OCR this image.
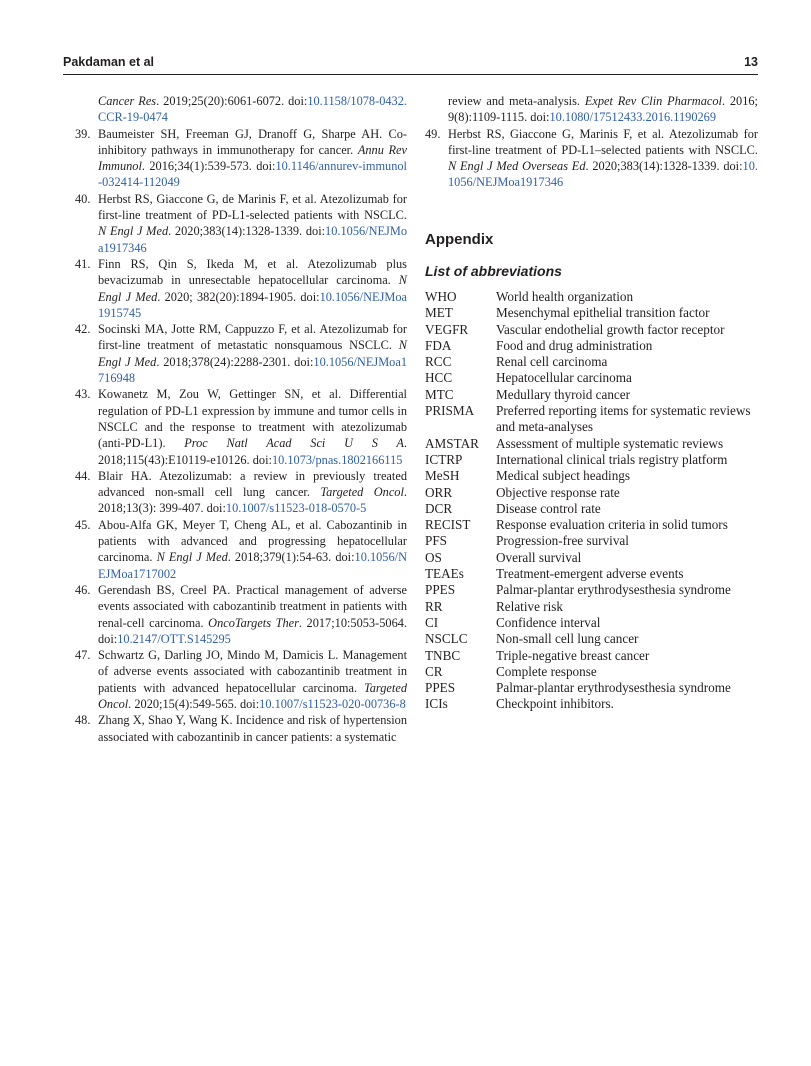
Pakdaman et al	13
Cancer Res. 2019;25(20):6061-6072. doi:10.1158/1078-0432.CCR-19-0474
39. Baumeister SH, Freeman GJ, Dranoff G, Sharpe AH. Co-inhibitory pathways in immunotherapy for cancer. Annu Rev Immunol. 2016;34(1):539-573. doi:10.1146/annurev-immunol-032414-112049
40. Herbst RS, Giaccone G, de Marinis F, et al. Atezolizumab for first-line treatment of PD-L1-selected patients with NSCLC. N Engl J Med. 2020;383(14):1328-1339. doi:10.1056/NEJMoa1917346
41. Finn RS, Qin S, Ikeda M, et al. Atezolizumab plus bevacizumab in unresectable hepatocellular carcinoma. N Engl J Med. 2020; 382(20):1894-1905. doi:10.1056/NEJMoa1915745
42. Socinski MA, Jotte RM, Cappuzzo F, et al. Atezolizumab for first-line treatment of metastatic nonsquamous NSCLC. N Engl J Med. 2018;378(24):2288-2301. doi:10.1056/NEJMoa1716948
43. Kowanetz M, Zou W, Gettinger SN, et al. Differential regulation of PD-L1 expression by immune and tumor cells in NSCLC and the response to treatment with atezolizumab (anti-PD-L1). Proc Natl Acad Sci U S A. 2018;115(43):E10119-e10126. doi:10.1073/pnas.1802166115
44. Blair HA. Atezolizumab: a review in previously treated advanced non-small cell lung cancer. Targeted Oncol. 2018;13(3): 399-407. doi:10.1007/s11523-018-0570-5
45. Abou-Alfa GK, Meyer T, Cheng AL, et al. Cabozantinib in patients with advanced and progressing hepatocellular carcinoma. N Engl J Med. 2018;379(1):54-63. doi:10.1056/NEJMoa1717002
46. Gerendash BS, Creel PA. Practical management of adverse events associated with cabozantinib treatment in patients with renal-cell carcinoma. OncoTargets Ther. 2017;10:5053-5064. doi:10.2147/OTT.S145295
47. Schwartz G, Darling JO, Mindo M, Damicis L. Management of adverse events associated with cabozantinib treatment in patients with advanced hepatocellular carcinoma. Targeted Oncol. 2020;15(4):549-565. doi:10.1007/s11523-020-00736-8
48. Zhang X, Shao Y, Wang K. Incidence and risk of hypertension associated with cabozantinib in cancer patients: a systematic
review and meta-analysis. Expet Rev Clin Pharmacol. 2016; 9(8):1109-1115. doi:10.1080/17512433.2016.1190269
49. Herbst RS, Giaccone G, Marinis F, et al. Atezolizumab for first-line treatment of PD-L1–selected patients with NSCLC. N Engl J Med Overseas Ed. 2020;383(14):1328-1339. doi:10.1056/NEJMoa1917346
Appendix
List of abbreviations
WHO	World health organization
MET	Mesenchymal epithelial transition factor
VEGFR	Vascular endothelial growth factor receptor
FDA	Food and drug administration
RCC	Renal cell carcinoma
HCC	Hepatocellular carcinoma
MTC	Medullary thyroid cancer
PRISMA	Preferred reporting items for systematic reviews and meta-analyses
AMSTAR	Assessment of multiple systematic reviews
ICTRP	International clinical trials registry platform
MeSH	Medical subject headings
ORR	Objective response rate
DCR	Disease control rate
RECIST	Response evaluation criteria in solid tumors
PFS	Progression-free survival
OS	Overall survival
TEAEs	Treatment-emergent adverse events
PPES	Palmar-plantar erythrodysesthesia syndrome
RR	Relative risk
CI	Confidence interval
NSCLC	Non-small cell lung cancer
TNBC	Triple-negative breast cancer
CR	Complete response
PPES	Palmar-plantar erythrodysesthesia syndrome
ICIs	Checkpoint inhibitors.
